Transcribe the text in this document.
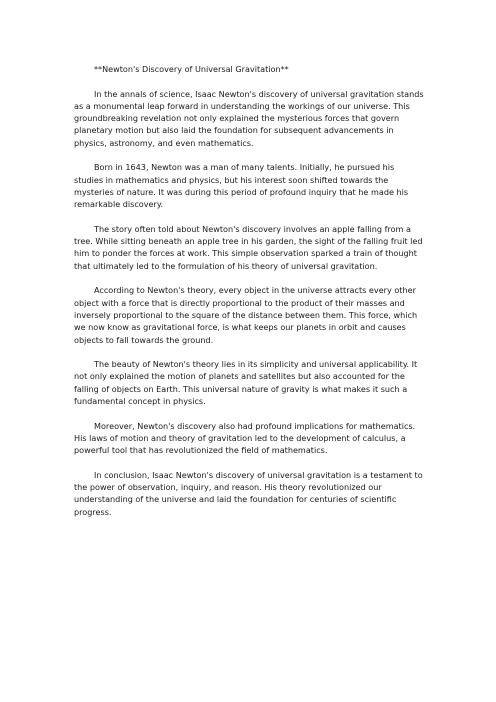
**Newton's Discovery of Universal Gravitation**

In the annals of science, Isaac Newton's discovery of universal gravitation stands as a monumental leap forward in understanding the workings of our universe. This groundbreaking revelation not only explained the mysterious forces that govern planetary motion but also laid the foundation for subsequent advancements in physics, astronomy, and even mathematics.

Born in 1643, Newton was a man of many talents. Initially, he pursued his studies in mathematics and physics, but his interest soon shifted towards the mysteries of nature. It was during this period of profound inquiry that he made his remarkable discovery.

The story often told about Newton's discovery involves an apple falling from a tree. While sitting beneath an apple tree in his garden, the sight of the falling fruit led him to ponder the forces at work. This simple observation sparked a train of thought that ultimately led to the formulation of his theory of universal gravitation.

According to Newton's theory, every object in the universe attracts every other object with a force that is directly proportional to the product of their masses and inversely proportional to the square of the distance between them. This force, which we now know as gravitational force, is what keeps our planets in orbit and causes objects to fall towards the ground.

The beauty of Newton's theory lies in its simplicity and universal applicability. It not only explained the motion of planets and satellites but also accounted for the falling of objects on Earth. This universal nature of gravity is what makes it such a fundamental concept in physics.

Moreover, Newton's discovery also had profound implications for mathematics. His laws of motion and theory of gravitation led to the development of calculus, a powerful tool that has revolutionized the field of mathematics.

In conclusion, Isaac Newton's discovery of universal gravitation is a testament to the power of observation, inquiry, and reason. His theory revolutionized our understanding of the universe and laid the foundation for centuries of scientific progress.
